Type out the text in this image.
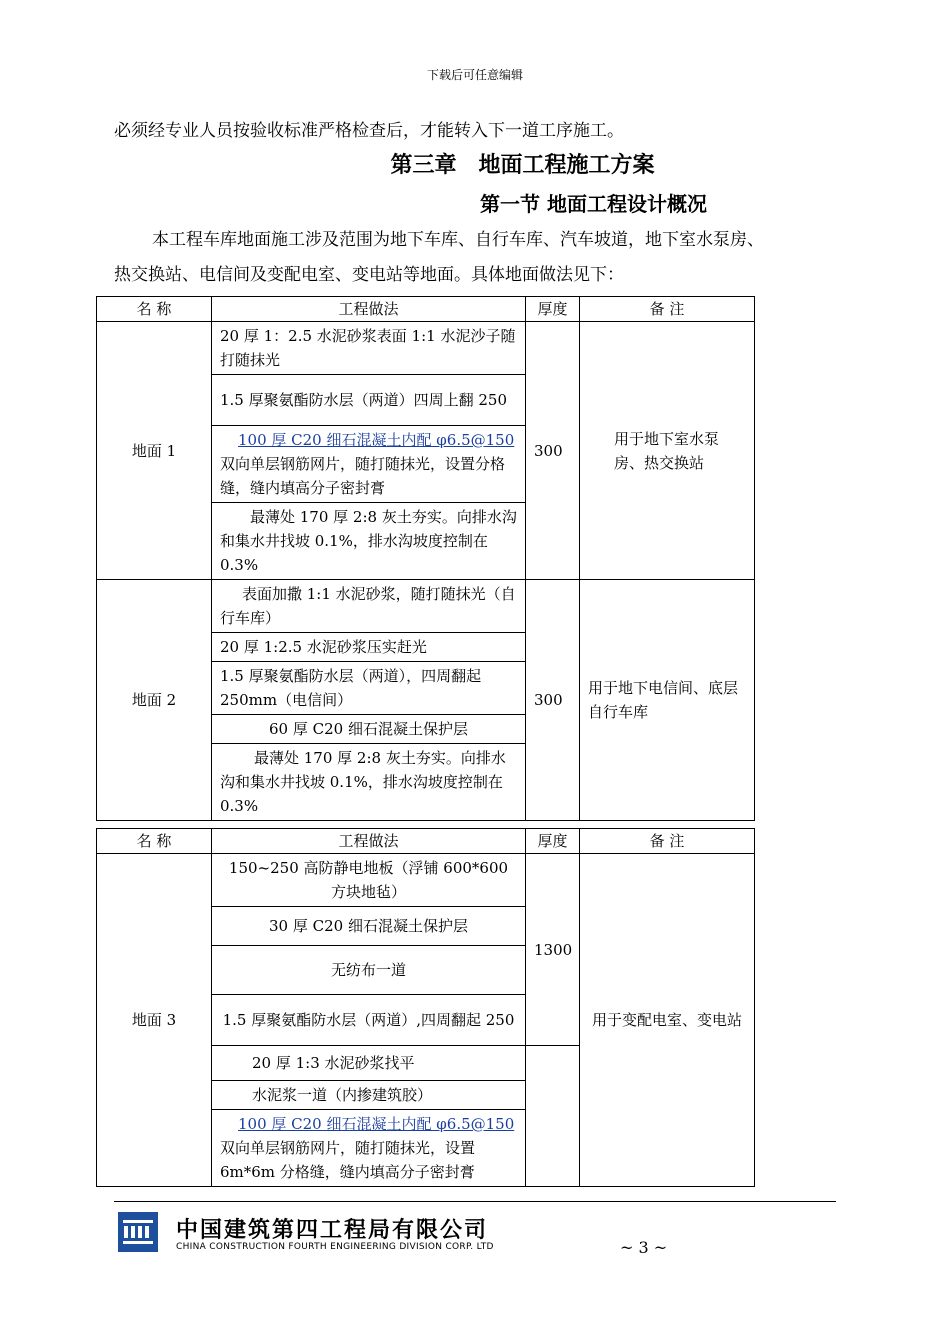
下载后可任意编辑
必须经专业人员按验收标准严格检查后，才能转入下一道工序施工。
第三章　地面工程施工方案
第一节 地面工程设计概况
本工程车库地面施工涉及范围为地下车库、自行车库、汽车坡道，地下室水泵房、
热交换站、电信间及变配电室、变电站等地面。具体地面做法见下：
名 称	工程做法	厚度	备 注
地面 1	20 厚 1：2.5 水泥砂浆表面 1:1 水泥沙子随打随抹光	300	用于地下室水泵房、热交换站
	1.5 厚聚氨酯防水层（两道）四周上翻 250		
	100 厚 C20 细石混凝土内配 φ6.5@150
双向单层钢筋网片，随打随抹光，设置分格缝，缝内填高分子密封膏		
	最薄处 170 厚 2:8 灰土夯实。向排水沟和集水井找坡 0.1%，排水沟坡度控制在 0.3%		
地面 2	表面加撒 1:1 水泥砂浆，随打随抹光（自行车库）	300	用于地下电信间、底层自行车库
	20 厚 1:2.5 水泥砂浆压实赶光		
	1.5 厚聚氨酯防水层（两道），四周翻起 250mm（电信间）		
	60 厚 C20 细石混凝土保护层		
	最薄处 170 厚 2:8 灰土夯实。向排水沟和集水井找坡 0.1%，排水沟坡度控制在 0.3%		
名 称	工程做法	厚度	备 注
地面 3	150~250 高防静电地板（浮铺 600*600 方块地毡）	1300	用于变配电室、变电站
	30 厚 C20 细石混凝土保护层		
	无纺布一道		
	1.5 厚聚氨酯防水层（两道）,四周翻起 250		
	20 厚 1:3 水泥砂浆找平		
	水泥浆一道（内掺建筑胶）		
	100 厚 C20 细石混凝土内配 φ6.5@150
双向单层钢筋网片，随打随抹光，设置 6m*6m 分格缝，缝内填高分子密封膏		
中国建筑第四工程局有限公司
CHINA CONSTRUCTION FOURTH ENGINEERING DIVISION CORP. LTD	~ 3 ~
